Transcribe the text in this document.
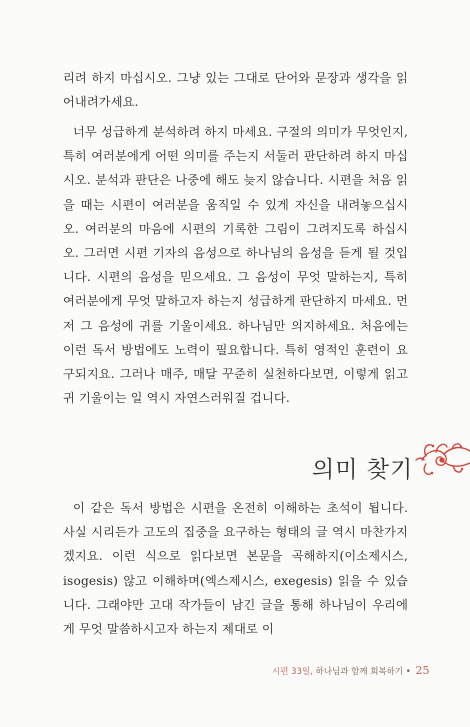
리려 하지 마십시오. 그냥 있는 그대로 단어와 문장과 생각을 읽어내려가세요.

너무 성급하게 분석하려 하지 마세요. 구절의 의미가 무엇인지, 특히 여러분에게 어떤 의미를 주는지 서둘러 판단하려 하지 마십시오. 분석과 판단은 나중에 해도 늦지 않습니다. 시편을 처음 읽을 때는 시편이 여러분을 움직일 수 있게 자신을 내려놓으십시오. 여러분의 마음에 시편의 기록한 그림이 그려지도록 하십시오. 그러면 시편 기자의 음성으로 하나님의 음성을 듣게 될 것입니다. 시편의 음성을 믿으세요. 그 음성이 무엇 말하는지, 특히 여러분에게 무엇 말하고자 하는지 성급하게 판단하지 마세요. 먼저 그 음성에 귀를 기울이세요. 하나님만 의지하세요. 처음에는 이런 독서 방법에도 노력이 필요합니다. 특히 영적인 훈련이 요구되지요. 그러나 매주, 매달 꾸준히 실천하다보면, 이렇게 읽고 귀 기울이는 일 역시 자연스러워질 겁니다.

의미 찾기

이 같은 독서 방법은 시편을 온전히 이해하는 초석이 됩니다. 사실 시리든가 고도의 집중을 요구하는 형태의 글 역시 마찬가지겠지요. 이런 식으로 읽다보면 본문을 곡해하지(이소제시스, isogesis) 않고 이해하며(엑스제시스, exegesis) 읽을 수 있습니다. 그래야만 고대 작가들이 남긴 글을 통해 하나님이 우리에게 무엇 말씀하시고자 하는지 제대로 이

시편 33일, 하나님과 함께 회복하기 • 25
